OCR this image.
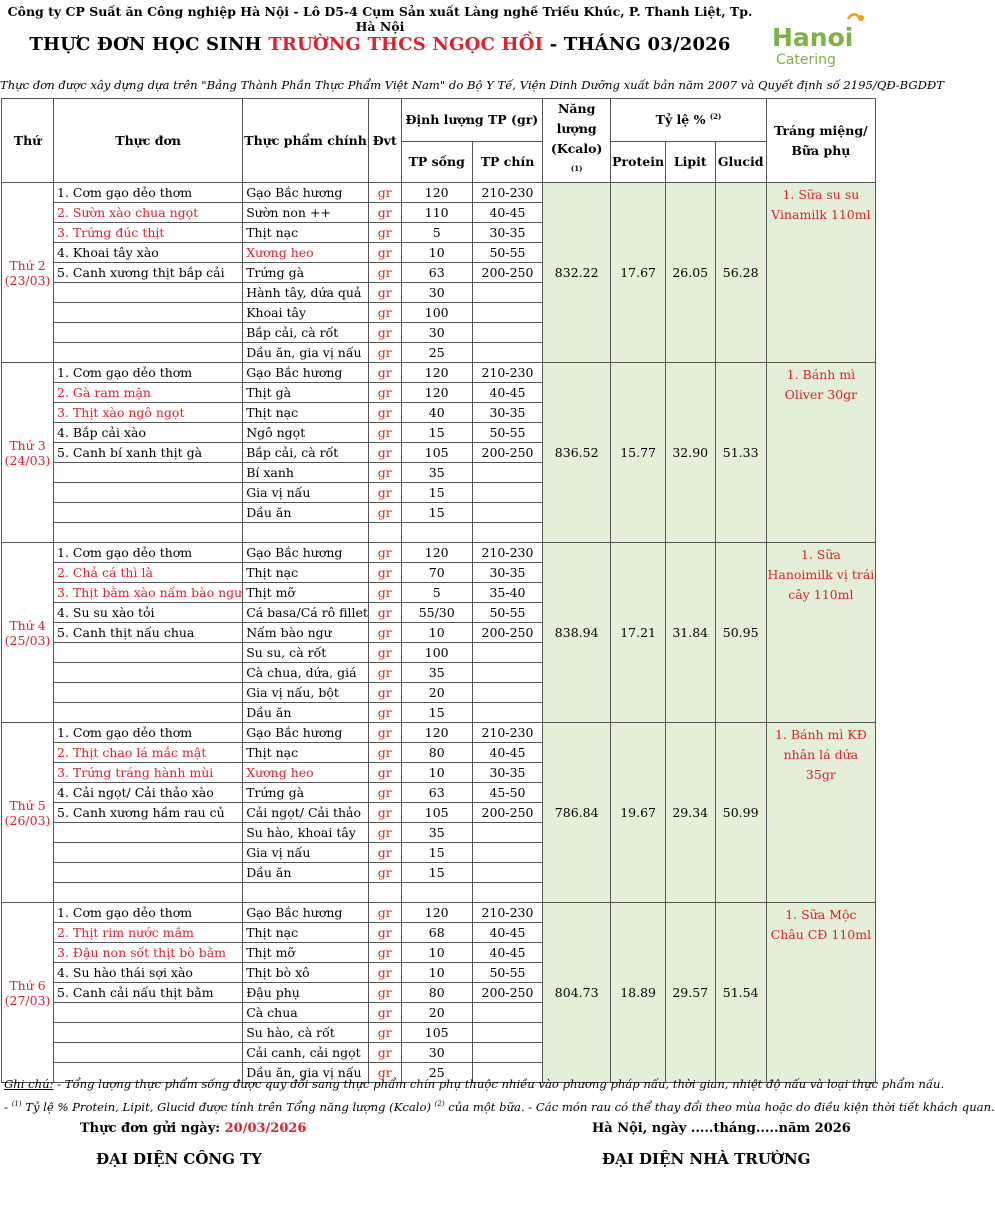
Công ty CP Suất ăn Công nghiệp Hà Nội - Lô D5-4 Cụm Sản xuất Làng nghề Triều Khúc, P. Thanh Liệt, Tp. Hà Nội
THỰC ĐƠN HỌC SINH TRƯỜNG THCS NGỌC HỒI - THÁNG 03/2026	Hanoi
Catering
Thực đơn được xây dựng dựa trên "Bảng Thành Phần Thực Phẩm Việt Nam" do Bộ Y Tế, Viện Dinh Dưỡng xuất bản năm 2007 và Quyết định số 2195/QĐ-BGDĐT
Thứ	Thực đơn	Thực phẩm chính	Đvt	Định lượng TP (gr)		Năng lượng (Kcalo) $^{(1)}$	Tỷ lệ % $^{(2)}$			Tráng miệng/ Bữa phụ
				TP sống	TP chín		Protein	Lipit	Glucid	

Thứ 2
(23/03)	1. Cơm gạo dẻo thơm	Gạo Bắc hương	gr	120	210-230	832.22	17.67	26.05	56.28	1. Sữa su su Vinamilk 110ml
	2. Sườn xào chua ngọt	Sườn non ++	gr	110	40-45					
	3. Trứng đúc thịt	Thịt nạc	gr	5	30-35					
	4. Khoai tây xào	Xương heo	gr	10	50-55					
	5. Canh xương thịt bắp cải	Trứng gà	gr	63	200-250					
		Hành tây, dứa quả	gr	30						
		Khoai tây	gr	100						
		Bắp cải, cà rốt	gr	30						
		Dầu ăn, gia vị nấu	gr	25						

Thứ 3
(24/03)	1. Cơm gạo dẻo thơm	Gạo Bắc hương	gr	120	210-230	836.52	15.77	32.90	51.33	1. Bánh mì Oliver 30gr
	2. Gà ram mặn	Thịt gà	gr	120	40-45					
	3. Thịt xào ngô ngọt	Thịt nạc	gr	40	30-35					
	4. Bắp cải xào	Ngô ngọt	gr	15	50-55					
	5. Canh bí xanh thịt gà	Bắp cải, cà rốt	gr	105	200-250					
		Bí xanh	gr	35						
		Gia vị nấu	gr	15						
		Dầu ăn	gr	15						

Thứ 4
(25/03)	1. Cơm gạo dẻo thơm	Gạo Bắc hương	gr	120	210-230	838.94	17.21	31.84	50.95	1. Sữa Hanoimilk vị trái cây 110ml
	2. Chả cá thì là	Thịt nạc	gr	70	30-35					
	3. Thịt bằm xào nấm bào ngư	Thịt mỡ	gr	5	35-40					
	4. Su su xào tỏi	Cá basa/Cá rô fillet	gr	55/30	50-55					
	5. Canh thịt nấu chua	Nấm bào ngư	gr	10	200-250					
		Su su, cà rốt	gr	100						
		Cà chua, dứa, giá	gr	35						
		Gia vị nấu, bột	gr	20						
		Dầu ăn	gr	15						

Thứ 5
(26/03)	1. Cơm gạo dẻo thơm	Gạo Bắc hương	gr	120	210-230	786.84	19.67	29.34	50.99	1. Bánh mì KĐ nhân lá dứa 35gr
	2. Thịt chao lá mắc mật	Thịt nạc	gr	80	40-45					
	3. Trứng tráng hành mùi	Xương heo	gr	10	30-35					
	4. Cải ngọt/ Cải thảo xào	Trứng gà	gr	63	45-50					
	5. Canh xương hầm rau củ	Cải ngọt/ Cải thảo	gr	105	200-250					
		Su hào, khoai tây	gr	35						
		Gia vị nấu	gr	15						
		Dầu ăn	gr	15						

Thứ 6
(27/03)	1. Cơm gạo dẻo thơm	Gạo Bắc hương	gr	120	210-230	804.73	18.89	29.57	51.54	1. Sữa Mộc Châu CĐ 110ml
	2. Thịt rim nước mắm	Thịt nạc	gr	68	40-45					
	3. Đậu non sốt thịt bò bằm	Thịt mỡ	gr	10	40-45					
	4. Su hào thái sợi xào	Thịt bò xô	gr	10	50-55					
	5. Canh cải nấu thịt bằm	Đậu phụ	gr	80	200-250					
		Cà chua	gr	20						
		Su hào, cà rốt	gr	105						
		Cải canh, cải ngọt	gr	30						
		Dầu ăn, gia vị nấu	gr	25						
Ghi chú: - Tổng lượng thực phẩm sống được quy đổi sang thực phẩm chín phụ thuộc nhiều vào phương pháp nấu, thời gian, nhiệt độ nấu và loại thực phẩm nấu.
- $^{(1)}$ Tỷ lệ % Protein, Lipit, Glucid được tính trên Tổng năng lượng (Kcalo) $^{(2)}$ của một bữa. - Các món rau có thể thay đổi theo mùa hoặc do điều kiện thời tiết khách quan.
Thực đơn gửi ngày: 20/03/2026	Hà Nội, ngày .....tháng.....năm 2026
ĐẠI DIỆN CÔNG TY	ĐẠI DIỆN NHÀ TRƯỜNG
